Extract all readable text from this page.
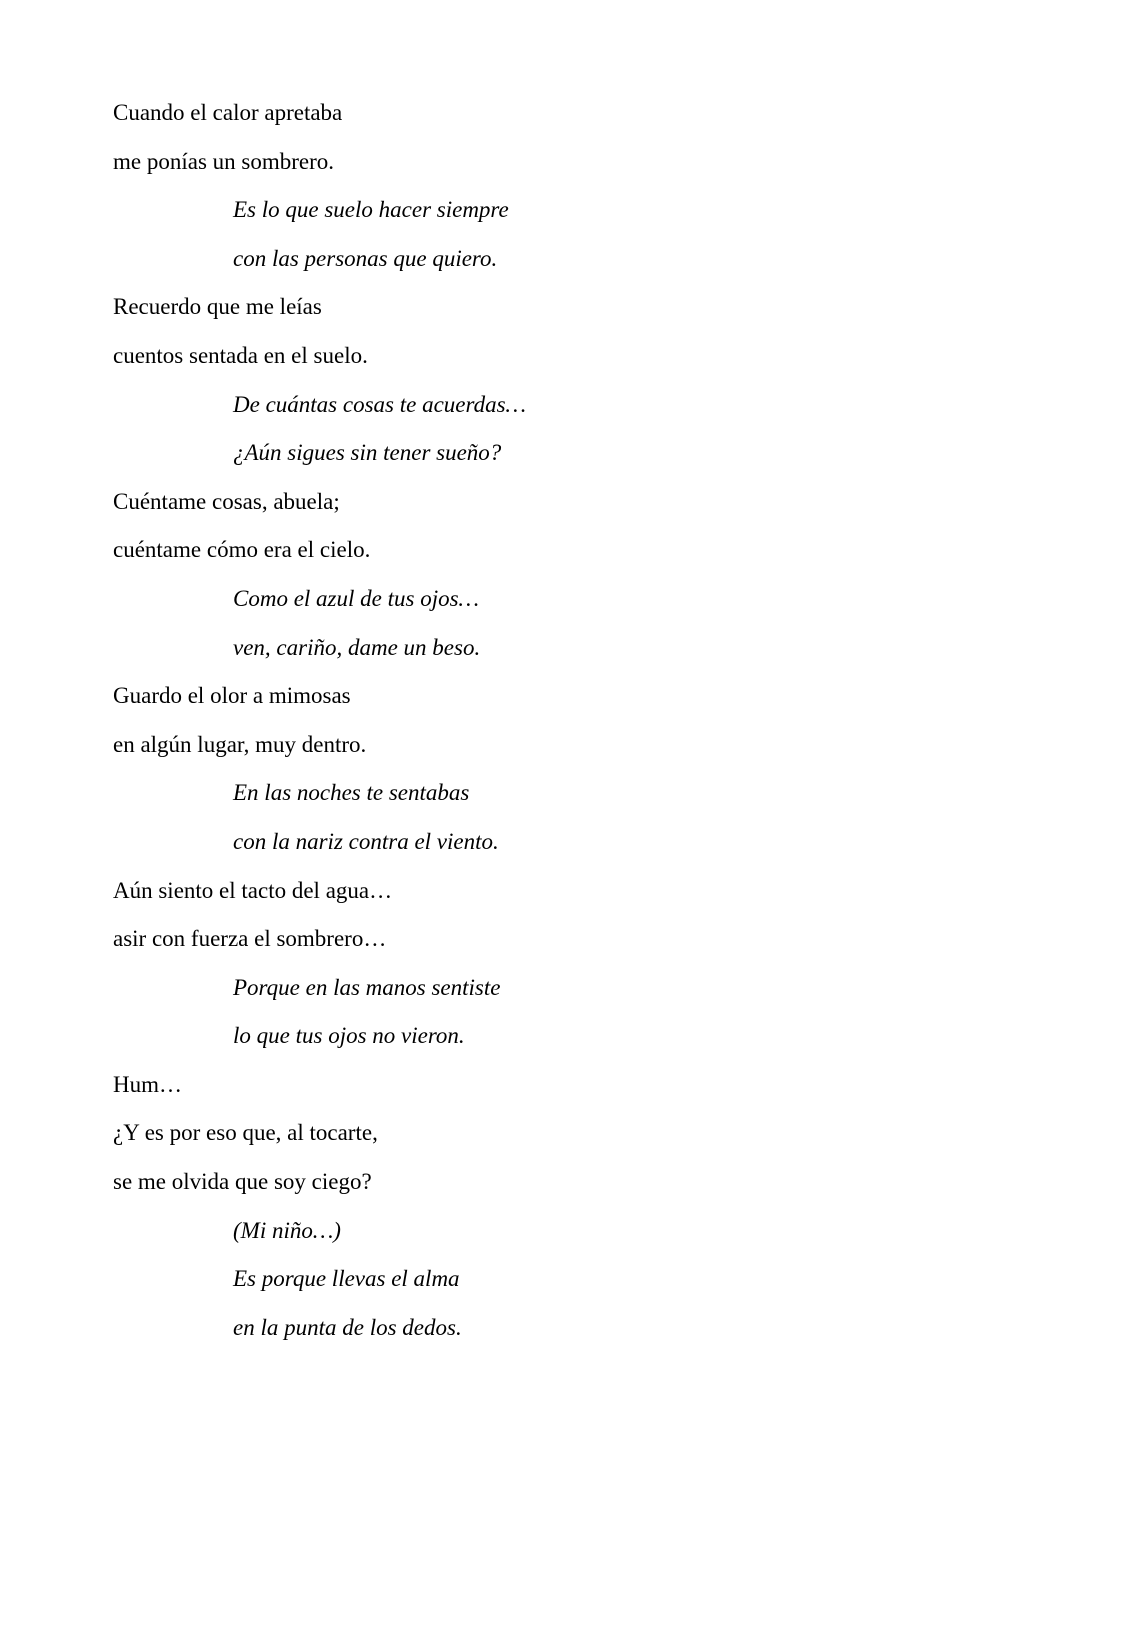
Cuando el calor apretaba
me ponías un sombrero.
Es lo que suelo hacer siempre
con las personas que quiero.
Recuerdo que me leías
cuentos sentada en el suelo.
De cuántas cosas te acuerdas…
¿Aún sigues sin tener sueño?
Cuéntame cosas, abuela;
cuéntame cómo era el cielo.
Como el azul de tus ojos…
ven, cariño, dame un beso.
Guardo el olor a mimosas
en algún lugar, muy dentro.
En las noches te sentabas
con la nariz contra el viento.
Aún siento el tacto del agua…
asir con fuerza el sombrero…
Porque en las manos sentiste
lo que tus ojos no vieron.
Hum…
¿Y es por eso que, al tocarte,
se me olvida que soy ciego?
(Mi niño…)
Es porque llevas el alma
en la punta de los dedos.
